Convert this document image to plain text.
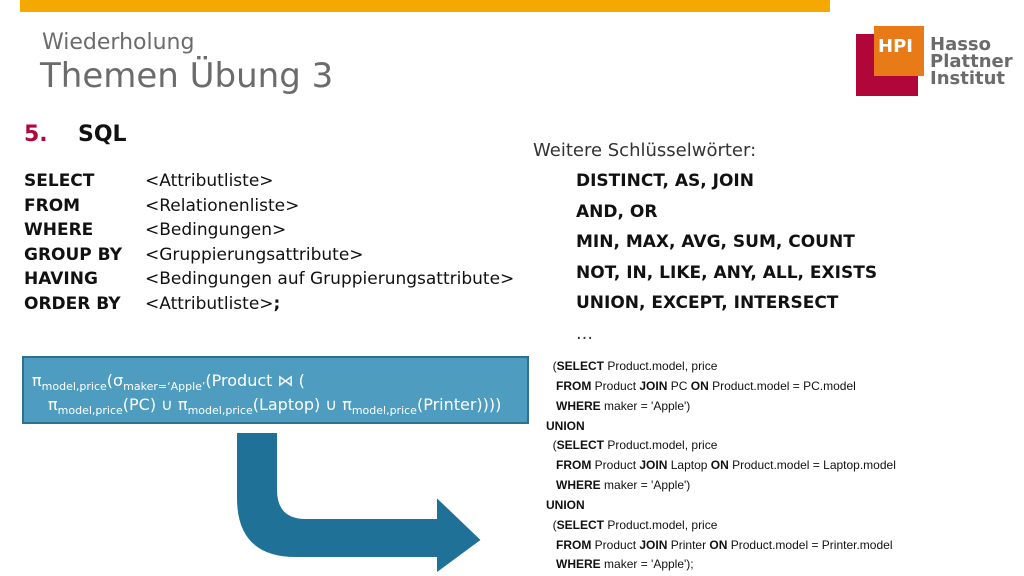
Wiederholung
Themen Übung 3
HPI Hasso
Plattner
Institut
5. SQL
SELECT	<Attributliste>
FROM	<Relationenliste>
WHERE	<Bedingungen>
GROUP BY	<Gruppierungsattribute>
HAVING	<Bedingungen auf Gruppierungsattribute>
ORDER BY	<Attributliste> ;
Weitere Schlüsselwörter:
DISTINCT, AS, JOIN
AND, OR
MIN, MAX, AVG, SUM, COUNT
NOT, IN, LIKE, ANY, ALL, EXISTS
UNION, EXCEPT, INTERSECT
…
$\pi_{model,price}(\sigma_{maker=‘Apple’}(Product$ ⋈ (
$\pi_{model,price}(PC)$ ∪ $\pi_{model,price}(Laptop)$ ∪ $\pi_{model,price}(Printer)$)))
(SELECT Product.model, price
FROM Product JOIN PC ON Product.model = PC.model
WHERE maker = 'Apple')
UNION
(SELECT Product.model, price
FROM Product JOIN Laptop ON Product.model = Laptop.model
WHERE maker = 'Apple')
UNION
(SELECT Product.model, price
FROM Product JOIN Printer ON Product.model = Printer.model
WHERE maker = 'Apple');
